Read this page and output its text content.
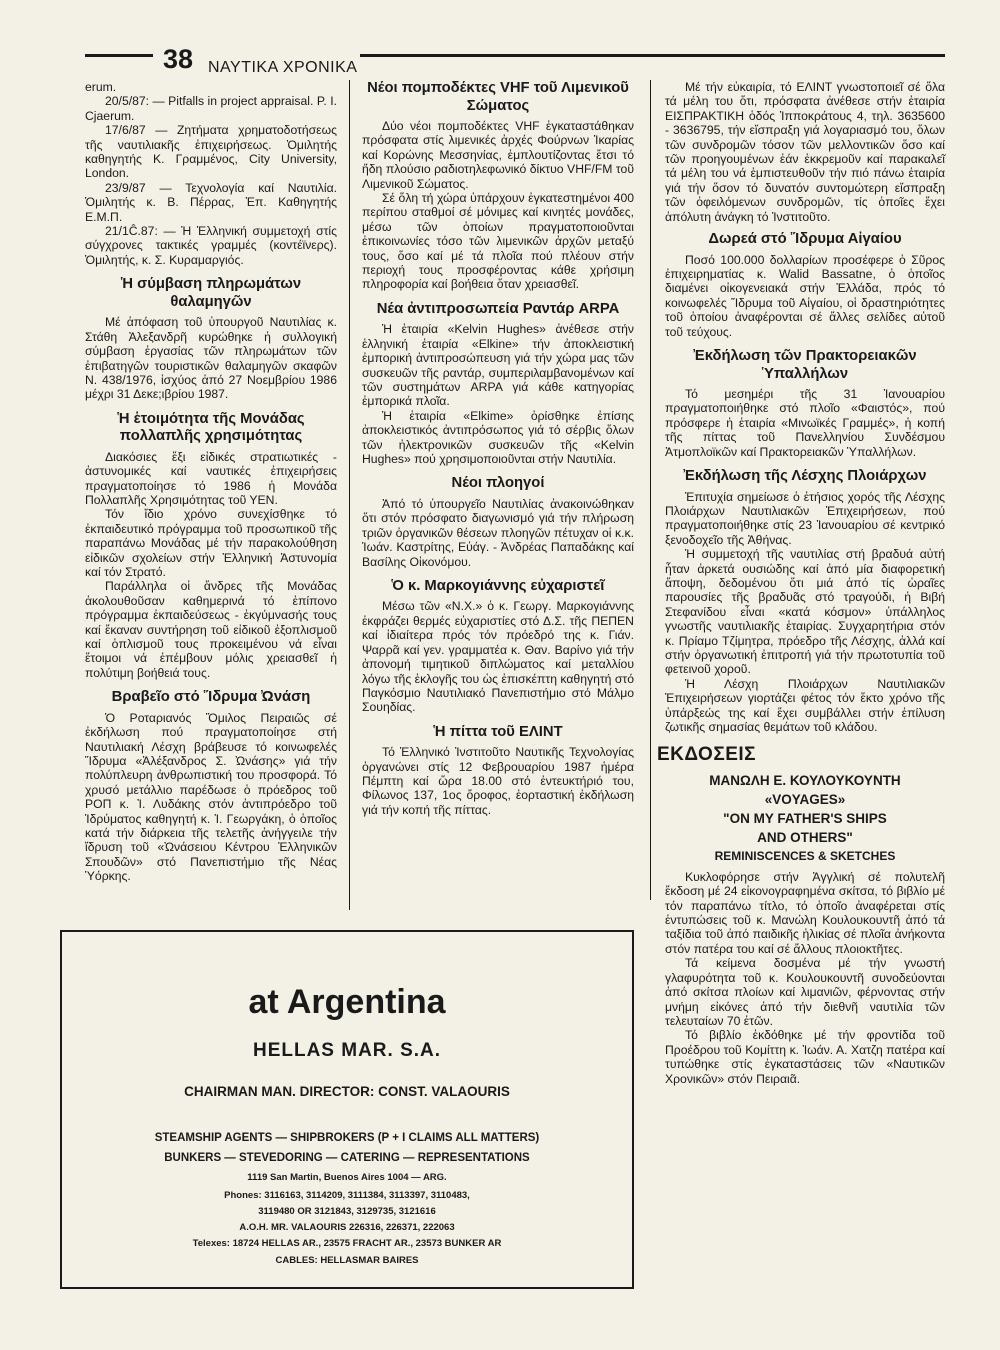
38 ΝΑΥΤΙΚΑ ΧΡΟΝΙΚΑ

erum.

20/5/87: — Pitfalls in project appraisal. P. I. Cjaerum.

17/6/87 — Ζητήματα χρηματοδοτήσεως τῆς ναυτιλιακῆς ἐπιχειρήσεως. Ὁμιλητής καθηγητής Κ. Γραμμένος, City University, London.

23/9/87 — Τεχνολογία καί Ναυτιλία. Ὁμιλητής κ. Β. Πέρρας, Ἐπ. Καθηγητής Ε.Μ.Π.

21/1Ĉ.87: — Ἡ Ἑλληνική συμμετοχή στίς σύγχρονες τακτικές γραμμές (κοντέϊνερς). Ὁμιλητής, κ. Σ. Κυραμαργιός.

Ἡ σύμβαση πληρωμάτων θαλαμηγῶν

Μέ ἀπόφαση τοῦ ὑπουργοῦ Ναυτιλίας κ. Στάθη Ἀλεξανδρῆ κυρώθηκε ἡ συλλογική σύμβαση ἐργασίας τῶν πληρωμάτων τῶν ἐπιβατηγῶν τουριστικῶν θαλαμηγῶν σκαφῶν Ν. 438/1976, ἰσχύος ἀπό 27 Νοεμβρίου 1986 μέχρι 31 Δεκε;ιβρίου 1987.

Ἡ ἑτοιμότητα τῆς Μονάδας πολλαπλῆς χρησιμότητας

Διακόσιες ἕξι εἰδικές στρατιωτικές - ἀστυνομικές καί ναυτικές ἐπιχειρήσεις πραγματοποίησε τό 1986 ἡ Μονάδα Πολλαπλῆς Χρησιμότητας τοῦ ΥΕΝ.

Τόν ἴδιο χρόνο συνεχίσθηκε τό ἐκπαιδευτικό πρόγραμμα τοῦ προσωπικοῦ τῆς παραπάνω Μονάδας μέ τήν παρακολούθηση εἰδικῶν σχολείων στήν Ἑλληνική Ἀστυνομία καί τόν Στρατό.

Παράλληλα οἱ ἄνδρες τῆς Μονάδας ἀκολουθοῦσαν καθημερινά τό ἐπίπονο πρόγραμμα ἐκπαιδεύσεως - ἐκγύμνασής τους καί ἔκαναν συντήρηση τοῦ εἰδικοῦ ἐξοπλισμοῦ καί ὁπλισμοῦ τους προκειμένου νά εἶναι ἕτοιμοι νά ἐπέμβουν μόλις χρειασθεῖ ἡ πολύτιμη βοήθειά τους.

Βραβεῖο στό Ἵδρυμα Ὠνάση

Ὁ Ροταριανός Ὅμιλος Πειραιῶς σέ ἐκδήλωση πού πραγματοποίησε στή Ναυτιλιακή Λέσχη βράβευσε τό κοινωφελές Ἵδρυμα «Ἀλέξανδρος Σ. Ὠνάσης» γιά τήν πολύπλευρη ἀνθρωπιστική του προσφορά. Τό χρυσό μετάλλιο παρέδωσε ὁ πρόεδρος τοῦ ΡΟΠ κ. Ἰ. Λυδάκης στόν ἀντιπρόεδρο τοῦ Ἱδρύματος καθηγητή κ. Ἰ. Γεωργάκη, ὁ ὁποῖος κατά τήν διάρκεια τῆς τελετῆς ἀνήγγειλε τήν ἵδρυση τοῦ «Ὠνάσειου Κέντρου Ἑλληνικῶν Σπουδῶν» στό Πανεπιστήμιο τῆς Νέας Ὑόρκης.

Νέοι πομποδέκτες VHF τοῦ Λιμενικοῦ Σώματος

Δύο νέοι πομποδέκτες VHF ἐγκαταστάθηκαν πρόσφατα στίς λιμενικές ἀρχές Φούρνων Ἰκαρίας καί Κορώνης Μεσσηνίας, ἐμπλουτίζοντας ἔτσι τό ἤδη πλούσιο ραδιοτηλεφωνικό δίκτυο VHF/FM τοῦ Λιμενικοῦ Σώματος.

Σέ ὅλη τή χώρα ὑπάρχουν ἐγκατεστημένοι 400 περίπου σταθμοί σέ μόνιμες καί κινητές μονάδες, μέσω τῶν ὁποίων πραγματοποιοῦνται ἐπικοινωνίες τόσο τῶν λιμενικῶν ἀρχῶν μεταξύ τους, ὅσο καί μέ τά πλοῖα πού πλέουν στήν περιοχή τους προσφέροντας κάθε χρήσιμη πληροφορία καί βοήθεια ὅταν χρειασθεῖ.

Νέα ἀντιπροσωπεία Ραντάρ ARPA

Ἡ ἑταιρία «Kelvin Hughes» ἀνέθεσε στήν ἑλληνική ἑταιρία «Elkine» τήν ἀποκλειστική ἐμπορική ἀντιπροσώπευση γιά τήν χώρα μας τῶν συσκευῶν τῆς ραντάρ, συμπεριλαμβανομένων καί τῶν συστημάτων ARPA γιά κάθε κατηγορίας ἐμπορικά πλοῖα.

Ἡ ἑταιρία «Elkime» ὁρίσθηκε ἐπίσης ἀποκλειστικός ἀντιπρόσωπος γιά τό σέρβις ὅλων τῶν ἠλεκτρονικῶν συσκευῶν τῆς «Kelvin Hughes» πού χρησιμοποιοῦνται στήν Ναυτιλία.

Νέοι πλοηγοί

Ἀπό τό ὑπουργεῖο Ναυτιλίας ἀνακοινώθηκαν ὅτι στόν πρόσφατο διαγωνισμό γιά τήν πλήρωση τριῶν ὀργανικῶν θέσεων πλοηγῶν πέτυχαν οἱ κ.κ. Ἰωάν. Καστρίτης, Εὐάγ. - Ἀνδρέας Παπαδάκης καί Βασίλης Οἰκονόμου.

Ὁ κ. Μαρκογιάννης εὐχαριστεῖ

Μέσω τῶν «Ν.Χ.» ὁ κ. Γεωργ. Μαρκογιάννης ἐκφράζει θερμές εὐχαριστίες στό Δ.Σ. τῆς ΠΕΠΕΝ καί ἰδιαίτερα πρός τόν πρόεδρό της κ. Γιάν. Ψαρρᾶ καί γεν. γραμματέα κ. Θαν. Βαρίνο γιά τήν ἀπονομή τιμητικοῦ διπλώματος καί μεταλλίου λόγω τῆς ἐκλογῆς του ὡς ἐπισκέπτη καθηγητή στό Παγκόσμιο Ναυτιλιακό Πανεπιστήμιο στό Μάλμο Σουηδίας.

Ἡ πίττα τοῦ ΕΛΙΝΤ

Τό Ἑλληνικό Ἰνστιτοῦτο Ναυτικῆς Τεχνολογίας ὀργανώνει στίς 12 Φεβρουαρίου 1987 ἡμέρα Πέμπτη καί ὥρα 18.00 στό ἐντευκτήριό του, Φίλωνος 137, 1ος ὄροφος, ἑορταστική ἐκδήλωση γιά τήν κοπή τῆς πίττας.

Μέ τήν εὐκαιρία, τό ΕΛΙΝΤ γνωστοποιεῖ σέ ὅλα τά μέλη του ὅτι, πρόσφατα ἀνέθεσε στήν ἑταιρία ΕΙΣΠΡΑΚΤΙΚΗ ὁδός Ἱπποκράτους 4, τηλ. 3635600 - 3636795, τήν εἴσπραξη γιά λογαριασμό του, ὅλων τῶν συνδρομῶν τόσον τῶν μελλοντικῶν ὅσο καί τῶν προηγουμένων ἐάν ἐκκρεμοῦν καί παρακαλεῖ τά μέλη του νά ἐμπιστευθοῦν τήν πιό πάνω ἑταιρία γιά τήν ὅσον τό δυνατόν συντομώτερη εἴσπραξη τῶν ὀφειλόμενων συνδρομῶν, τίς ὁποῖες ἔχει ἀπόλυτη ἀνάγκη τό Ἰνστιτοῦτο.

Δωρεά στό Ἵδρυμα Αἰγαίου

Ποσό 100.000 δολλαρίων προσέφερε ὁ Σῦρος ἐπιχειρηματίας κ. Walid Bassatne, ὁ ὁποῖος διαμένει οἰκογενειακά στήν Ἑλλάδα, πρός τό κοινωφελές Ἵδρυμα τοῦ Αἰγαίου, οἱ δραστηριότητες τοῦ ὁποίου ἀναφέρονται σέ ἄλλες σελίδες αὐτοῦ τοῦ τεύχους.

Ἐκδήλωση τῶν Πρακτορειακῶν Ὑπαλλήλων

Τό μεσημέρι τῆς 31 Ἰανουαρίου πραγματοποιήθηκε στό πλοῖο «Φαιστός», πού πρόσφερε ἡ ἑταιρία «Μινωϊκές Γραμμές», ἡ κοπή τῆς πίττας τοῦ Πανελληνίου Συνδέσμου Ἀτμοπλοϊκῶν καί Πρακτορειακῶν Ὑπαλλήλων.

Ἐκδήλωση τῆς Λέσχης Πλοιάρχων

Ἐπιτυχία σημείωσε ὁ ἐτήσιος χορός τῆς Λέσχης Πλοιάρχων Ναυτιλιακῶν Ἐπιχειρήσεων, πού πραγματοποιήθηκε στίς 23 Ἰανουαρίου σέ κεντρικό ξενοδοχεῖο τῆς Ἀθήνας.

Ἡ συμμετοχή τῆς ναυτιλίας στή βραδυά αὐτή ἦταν ἀρκετά ουσιώδης καί ἀπό μία διαφορετική ἄποψη, δεδομένου ὅτι μιά ἀπό τίς ὡραῖες παρουσίες τῆς βραδυᾶς στό τραγούδι, ἡ Βιβή Στεφανίδου εἶναι «κατά κόσμον» ὑπάλληλος γνωστῆς ναυτιλιακῆς ἑταιρίας. Συγχαρητήρια στόν κ. Πρίαμο Τζίμητρα, πρόεδρο τῆς Λέσχης, ἀλλά καί στήν ὀργανωτική ἐπιτροπή γιά τήν πρωτοτυπία τοῦ φετεινοῦ χοροῦ.

Ἡ Λέσχη Πλοιάρχων Ναυτιλιακῶν Ἐπιχειρήσεων γιορτάζει φέτος τόν ἕκτο χρόνο τῆς ὑπάρξεώς της καί ἔχει συμβάλλει στήν ἐπίλυση ζωτικῆς σημασίας θεμάτων τοῦ κλάδου.

ΕΚΔΟΣΕΙΣ
ΜΑΝΩΛΗ Ε. ΚΟΥΛΟΥΚΟΥΝΤΗ
«VOYAGES»
"ON MY FATHER'S SHIPS
AND OTHERS"
REMINISCENCES & SKETCHES

Κυκλοφόρησε στήν Ἀγγλική σέ πολυτελῆ ἔκδοση μέ 24 εἰκονογραφημένα σκίτσα, τό βιβλίο μέ τόν παραπάνω τίτλο, τό ὁποῖο ἀναφέρεται στίς ἐντυπώσεις τοῦ κ. Μανώλη Κουλουκουντῆ ἀπό τά ταξίδια τοῦ ἀπό παιδικῆς ἡλικίας σέ πλοῖα ἀνήκοντα στόν πατέρα του καί σέ ἄλλους πλοιοκτῆτες.

Τά κείμενα δοσμένα μέ τήν γνωστή γλαφυρότητα τοῦ κ. Κουλουκουντῆ συνοδεύονται ἀπό σκίτσα πλοίων καί λιμανιῶν, φέρνοντας στήν μνήμη εἰκόνες ἀπό τήν διεθνῆ ναυτιλία τῶν τελευταίων 70 ἐτῶν.

Τό βιβλίο ἐκδόθηκε μέ τήν φροντίδα τοῦ Προέδρου τοῦ Κομίττη κ. Ἰωάν. Α. Χατζη πατέρα καί τυπώθηκε στίς ἐγκαταστάσεις τῶν «Ναυτικῶν Χρονικῶν» στόν Πειραιᾶ.

at Argentina
HELLAS MAR. S.A.
CHAIRMAN MAN. DIRECTOR: CONST. VALAOURIS
STEAMSHIP AGENTS — SHIPBROKERS (P + I CLAIMS ALL MATTERS)
BUNKERS — STEVEDORING — CATERING — REPRESENTATIONS
1119 San Martin, Buenos Aires 1004 — ARG.
Phones: 3116163, 3114209, 3111384, 3113397, 3110483,
3119480 OR 3121843, 3129735, 3121616
A.O.H. MR. VALAOURIS 226316, 226371, 222063
Telexes: 18724 HELLAS AR., 23575 FRACHT AR., 23573 BUNKER AR
CABLES: HELLASMAR BAIRES
